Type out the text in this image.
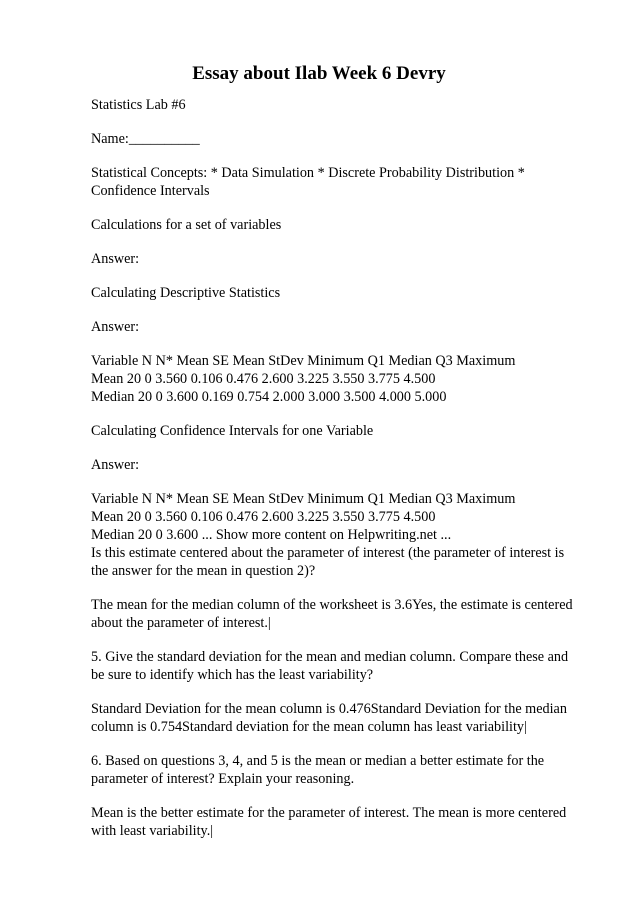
Essay about Ilab Week 6 Devry

Statistics Lab #6

Name:__________

Statistical Concepts: * Data Simulation * Discrete Probability Distribution *
Confidence Intervals

Calculations for a set of variables

Answer:

Calculating Descriptive Statistics

Answer:

Variable N N* Mean SE Mean StDev Minimum Q1 Median Q3 Maximum
Mean 20 0 3.560 0.106 0.476 2.600 3.225 3.550 3.775 4.500
Median 20 0 3.600 0.169 0.754 2.000 3.000 3.500 4.000 5.000

Calculating Confidence Intervals for one Variable

Answer:

Variable N N* Mean SE Mean StDev Minimum Q1 Median Q3 Maximum
Mean 20 0 3.560 0.106 0.476 2.600 3.225 3.550 3.775 4.500
Median 20 0 3.600 ... Show more content on Helpwriting.net ...
Is this estimate centered about the parameter of interest (the parameter of interest is
the answer for the mean in question 2)?

The mean for the median column of the worksheet is 3.6Yes, the estimate is centered
about the parameter of interest.|

5. Give the standard deviation for the mean and median column. Compare these and
be sure to identify which has the least variability?

Standard Deviation for the mean column is 0.476Standard Deviation for the median
column is 0.754Standard deviation for the mean column has least variability|

6. Based on questions 3, 4, and 5 is the mean or median a better estimate for the
parameter of interest? Explain your reasoning.

Mean is the better estimate for the parameter of interest. The mean is more centered
with least variability.|
